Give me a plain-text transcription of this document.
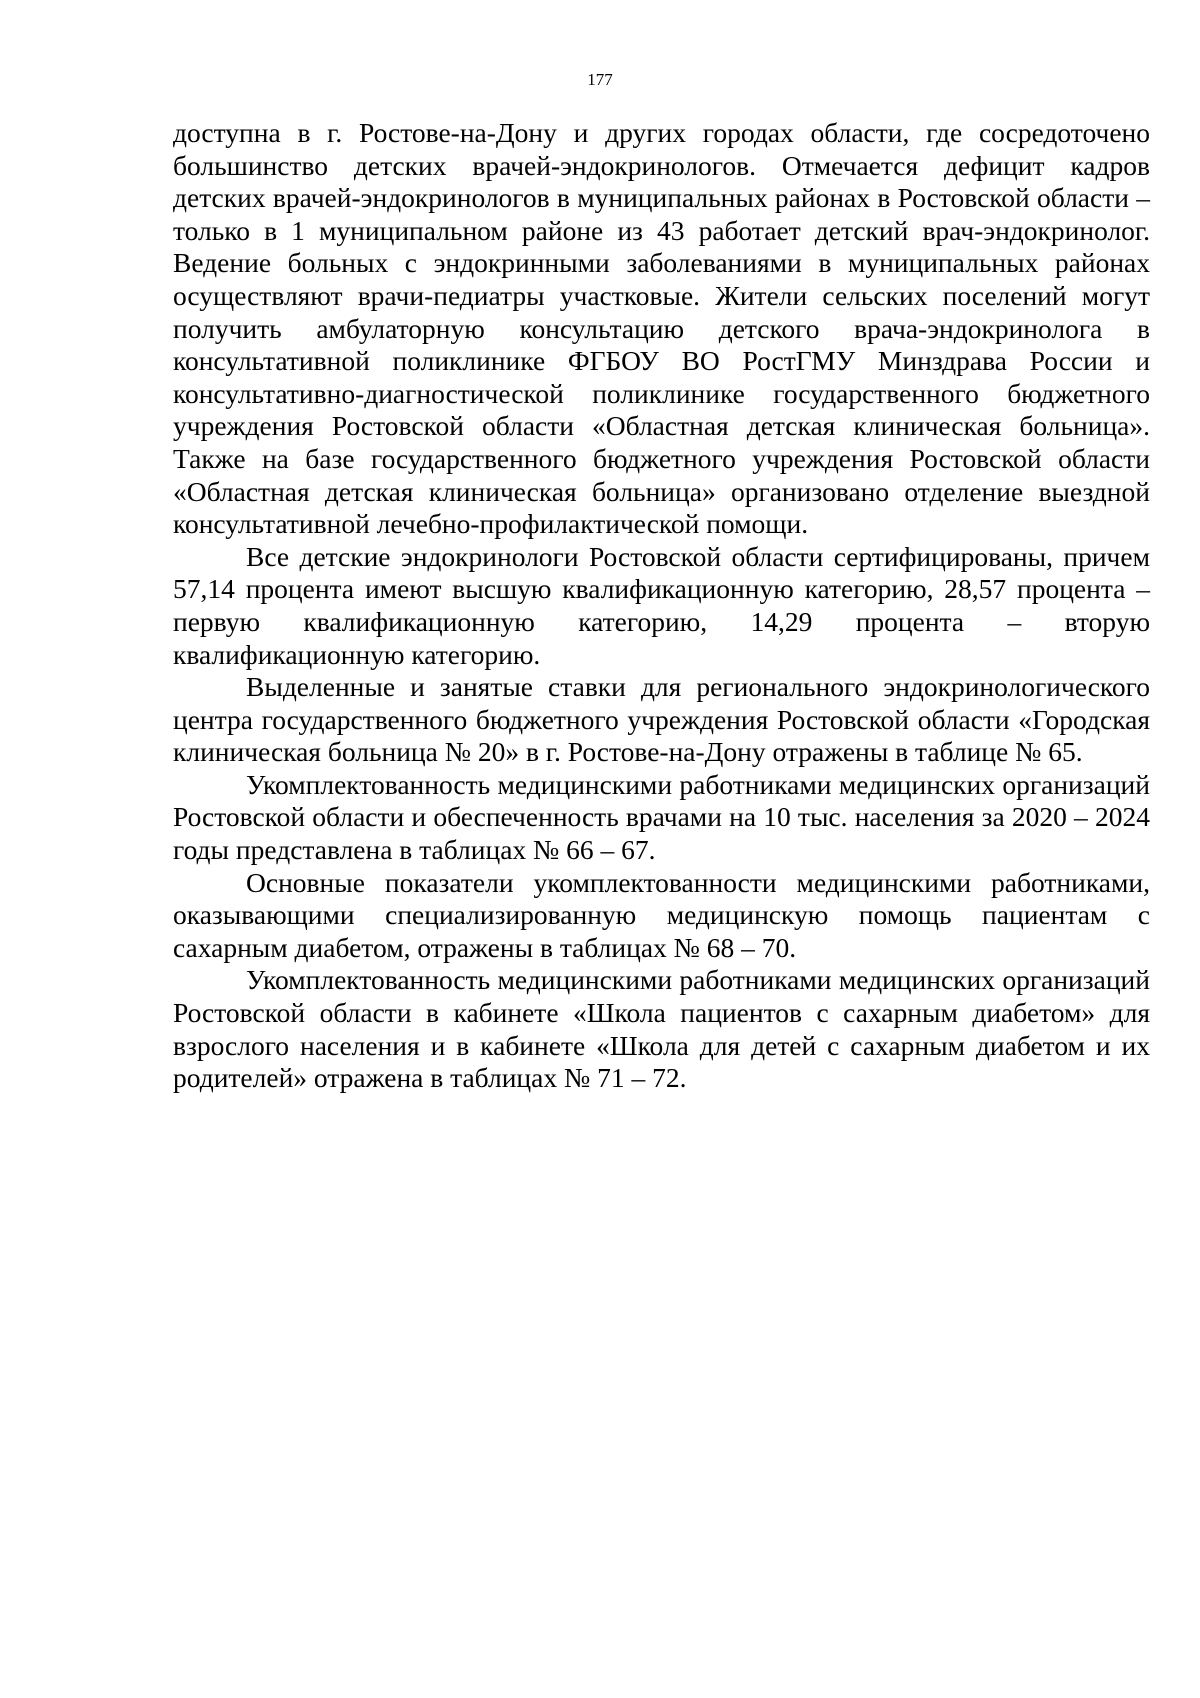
177

доступна в г. Ростове-на-Дону и других городах области, где сосредоточено большинство детских врачей-эндокринологов. Отмечается дефицит кадров детских врачей-эндокринологов в муниципальных районах в Ростовской области – только в 1 муниципальном районе из 43 работает детский врач-эндокринолог. Ведение больных с эндокринными заболеваниями в муниципальных районах осуществляют врачи-педиатры участковые. Жители сельских поселений могут получить амбулаторную консультацию детского врача-эндокринолога в консультативной поликлинике ФГБОУ ВО РостГМУ Минздрава России и консультативно-диагностической поликлинике государственного бюджетного учреждения Ростовской области «Областная детская клиническая больница». Также на базе государственного бюджетного учреждения Ростовской области «Областная детская клиническая больница» организовано отделение выездной консультативной лечебно-профилактической помощи.

Все детские эндокринологи Ростовской области сертифицированы, причем 57,14 процента имеют высшую квалификационную категорию, 28,57 процента – первую квалификационную категорию, 14,29 процента – вторую квалификационную категорию.

Выделенные и занятые ставки для регионального эндокринологического центра государственного бюджетного учреждения Ростовской области «Городская клиническая больница № 20» в г. Ростове-на-Дону отражены в таблице № 65.

Укомплектованность медицинскими работниками медицинских организаций Ростовской области и обеспеченность врачами на 10 тыс. населения за 2020 – 2024 годы представлена в таблицах № 66 – 67.

Основные показатели укомплектованности медицинскими работниками, оказывающими специализированную медицинскую помощь пациентам с сахарным диабетом, отражены в таблицах № 68 – 70.

Укомплектованность медицинскими работниками медицинских организаций Ростовской области в кабинете «Школа пациентов с сахарным диабетом» для взрослого населения и в кабинете «Школа для детей с сахарным диабетом и их родителей» отражена в таблицах № 71 – 72.
